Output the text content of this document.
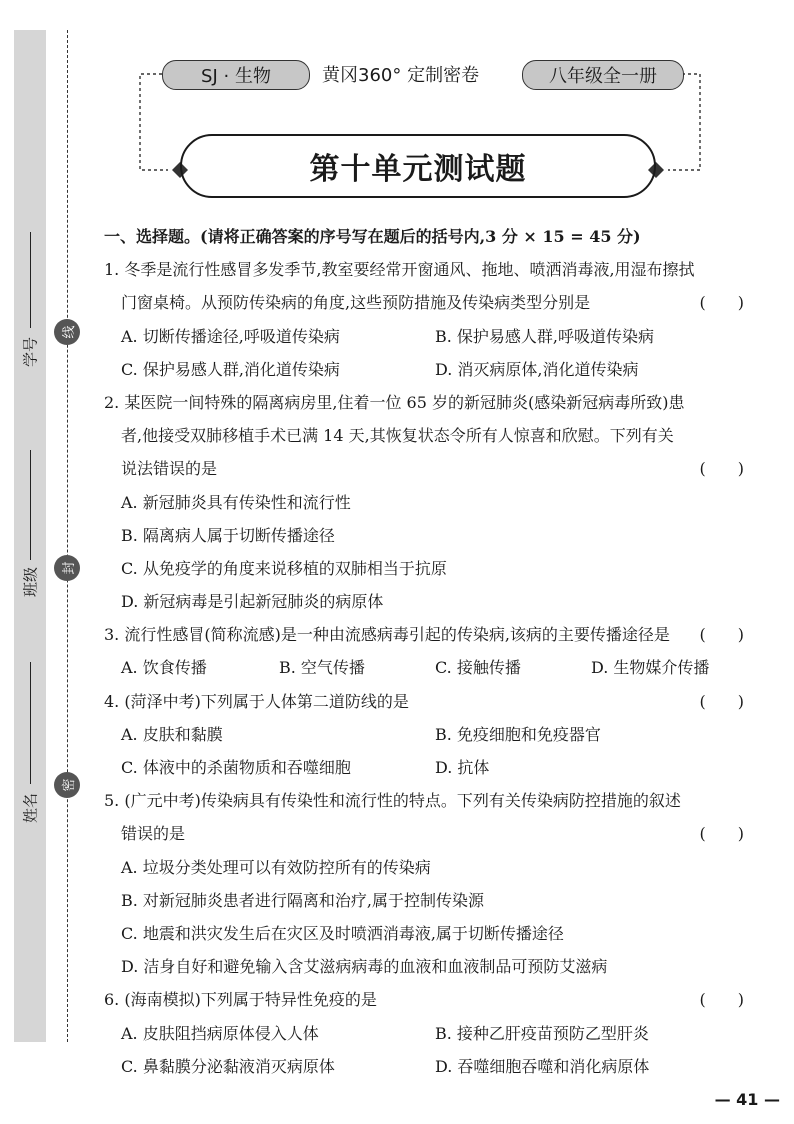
学号
班级
姓名
线
封
密
SJ · 生物	黄冈360° 定制密卷	八年级全一册
第十单元测试题
一、选择题。(请将正确答案的序号写在题后的括号内,3 分 × 15 = 45 分)
1. 冬季是流行性感冒多发季节,教室要经常开窗通风、拖地、喷洒消毒液,用湿布擦拭
门窗桌椅。从预防传染病的角度,这些预防措施及传染病类型分别是	(　　)
A. 切断传播途径,呼吸道传染病	B. 保护易感人群,呼吸道传染病
C. 保护易感人群,消化道传染病	D. 消灭病原体,消化道传染病
2. 某医院一间特殊的隔离病房里,住着一位 65 岁的新冠肺炎(感染新冠病毒所致)患
者,他接受双肺移植手术已满 14 天,其恢复状态令所有人惊喜和欣慰。下列有关
说法错误的是	(　　)
A. 新冠肺炎具有传染性和流行性
B. 隔离病人属于切断传播途径
C. 从免疫学的角度来说移植的双肺相当于抗原
D. 新冠病毒是引起新冠肺炎的病原体
3. 流行性感冒(简称流感)是一种由流感病毒引起的传染病,该病的主要传播途径是 (　　)
A. 饮食传播	B. 空气传播	C. 接触传播	D. 生物媒介传播
4. (菏泽中考)下列属于人体第二道防线的是	(　　)
A. 皮肤和黏膜	B. 免疫细胞和免疫器官
C. 体液中的杀菌物质和吞噬细胞	D. 抗体
5. (广元中考)传染病具有传染性和流行性的特点。下列有关传染病防控措施的叙述
错误的是	(　　)
A. 垃圾分类处理可以有效防控所有的传染病
B. 对新冠肺炎患者进行隔离和治疗,属于控制传染源
C. 地震和洪灾发生后在灾区及时喷洒消毒液,属于切断传播途径
D. 洁身自好和避免输入含艾滋病病毒的血液和血液制品可预防艾滋病
6. (海南模拟)下列属于特异性免疫的是	(　　)
A. 皮肤阻挡病原体侵入人体	B. 接种乙肝疫苗预防乙型肝炎
C. 鼻黏膜分泌黏液消灭病原体	D. 吞噬细胞吞噬和消化病原体
— 41 —
